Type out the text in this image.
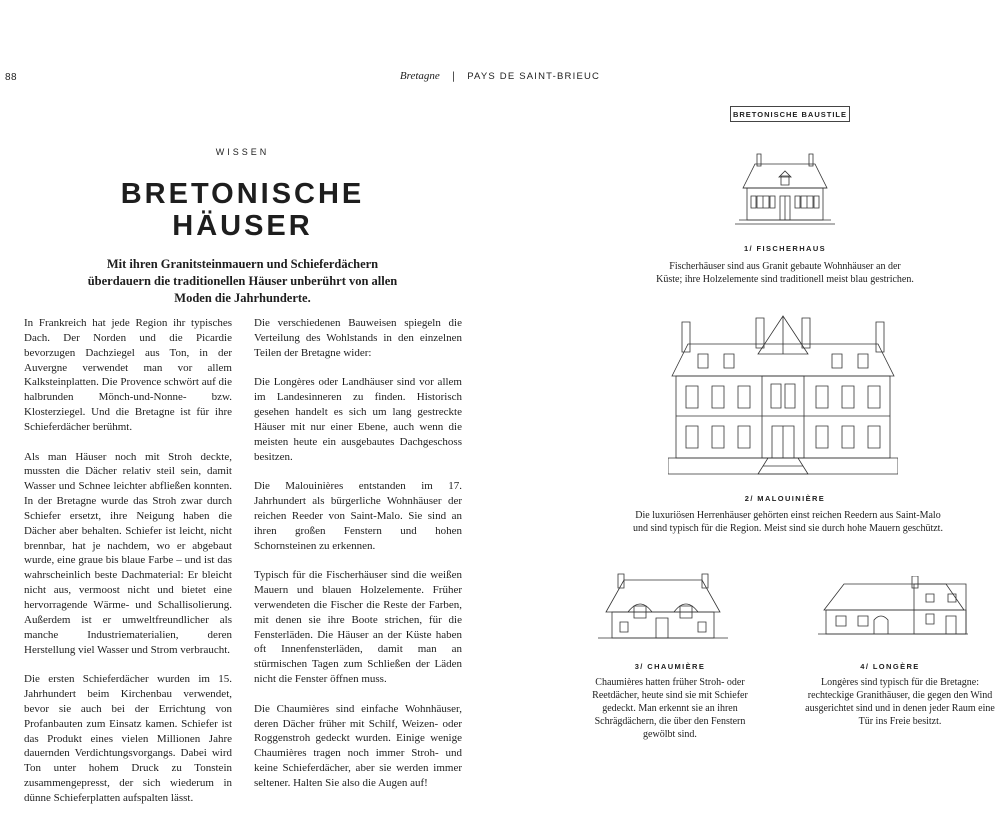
88	Bretagne | PAYS DE SAINT-BRIEUC
WISSEN
BRETONISCHE
HÄUSER
Mit ihren Granitsteinmauern und Schieferdächern überdauern die traditionellen Häuser unberührt von allen Moden die Jahrhunderte.

In Frankreich hat jede Region ihr typisches Dach. Der Norden und die Picardie bevorzugen Dachziegel aus Ton, in der Auvergne verwendet man vor allem Kalksteinplatten. Die Provence schwört auf die halbrunden Mönch-und-Nonne- bzw. Klosterziegel. Und die Bretagne ist für ihre Schieferdächer berühmt.

Als man Häuser noch mit Stroh deckte, mussten die Dächer relativ steil sein, damit Wasser und Schnee leichter abfließen konnten. In der Bretagne wurde das Stroh zwar durch Schiefer ersetzt, ihre Neigung haben die Dächer aber behalten. Schiefer ist leicht, nicht brennbar, hat je nachdem, wo er abgebaut wurde, eine graue bis blaue Farbe – und ist das wahrscheinlich beste Dachmaterial: Er bleicht nicht aus, vermoost nicht und bietet eine hervorragende Wärme- und Schallisolierung. Außerdem ist er umweltfreundlicher als manche Industriematerialien, deren Herstellung viel Wasser und Strom verbraucht.

Die ersten Schieferdächer wurden im 15. Jahrhundert beim Kirchenbau verwendet, bevor sie auch bei der Errichtung von Profanbauten zum Einsatz kamen. Schiefer ist das Produkt eines vielen Millionen Jahre dauernden Verdichtungsvorgangs. Dabei wird Ton unter hohem Druck zu Tonstein zusammengepresst, der sich wiederum in dünne Schieferplatten aufspalten lässt.

Die verschiedenen Bauweisen spiegeln die Verteilung des Wohlstands in den einzelnen Teilen der Bretagne wider:

Die Longères oder Landhäuser sind vor allem im Landesinneren zu finden. Historisch gesehen handelt es sich um lang gestreckte Häuser mit nur einer Ebene, auch wenn die meisten heute ein ausgebautes Dachgeschoss besitzen.

Die Malouinières entstanden im 17. Jahrhundert als bürgerliche Wohnhäuser der reichen Reeder von Saint-Malo. Sie sind an ihren großen Fenstern und hohen Schornsteinen zu erkennen.

Typisch für die Fischerhäuser sind die weißen Mauern und blauen Holzelemente. Früher verwendeten die Fischer die Reste der Farben, mit denen sie ihre Boote strichen, für die Fensterläden. Die Häuser an der Küste haben oft Innenfensterläden, damit man an stürmischen Tagen zum Schließen der Läden nicht die Fenster öffnen muss.

Die Chaumières sind einfache Wohnhäuser, deren Dächer früher mit Schilf, Weizen- oder Roggenstroh gedeckt wurden. Einige wenige Chaumières tragen noch immer Stroh- und keine Schieferdächer, aber sie werden immer seltener. Halten Sie also die Augen auf!

BRETONISCHE BAUSTILE
1/ FISCHERHAUS
Fischerhäuser sind aus Granit gebaute Wohnhäuser an der Küste; ihre Holzelemente sind traditionell meist blau gestrichen.
2/ MALOUINIÈRE
Die luxuriösen Herrenhäuser gehörten einst reichen Reedern aus Saint-Malo und sind typisch für die Region. Meist sind sie durch hohe Mauern geschützt.
3/ CHAUMIÈRE
Chaumières hatten früher Stroh- oder Reetdächer, heute sind sie mit Schiefer gedeckt. Man erkennt sie an ihren Schrägdächern, die über den Fenstern gewölbt sind.
4/ LONGÈRE
Longères sind typisch für die Bretagne: rechteckige Granithäuser, die gegen den Wind ausgerichtet sind und in denen jeder Raum eine Tür ins Freie besitzt.
